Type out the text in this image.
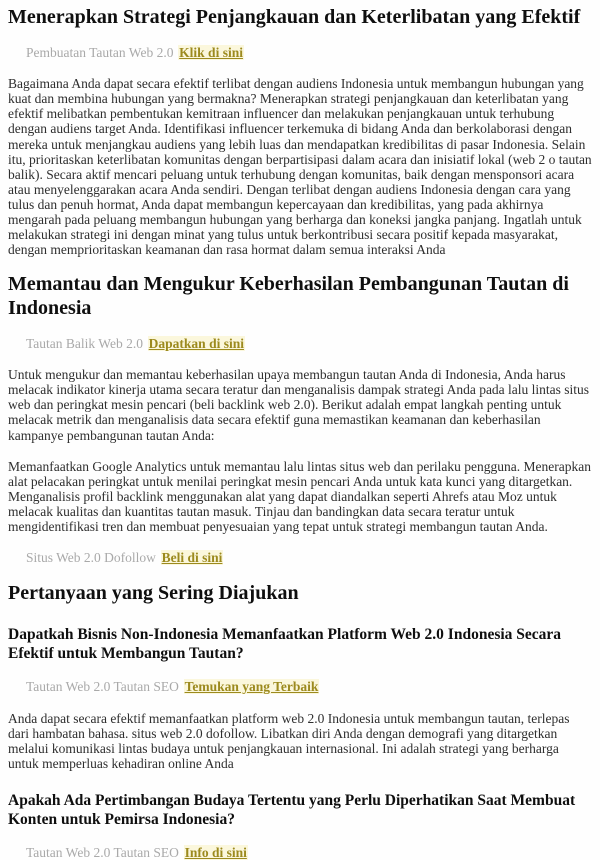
Menerapkan Strategi Penjangkauan dan Keterlibatan yang Efektif

Pembuatan Tautan Web 2.0 Klik di sini

Bagaimana Anda dapat secara efektif terlibat dengan audiens Indonesia untuk membangun hubungan yang kuat dan membina hubungan yang bermakna? Menerapkan strategi penjangkauan dan keterlibatan yang efektif melibatkan pembentukan kemitraan influencer dan melakukan penjangkauan untuk terhubung dengan audiens target Anda. Identifikasi influencer terkemuka di bidang Anda dan berkolaborasi dengan mereka untuk menjangkau audiens yang lebih luas dan mendapatkan kredibilitas di pasar Indonesia. Selain itu, prioritaskan keterlibatan komunitas dengan berpartisipasi dalam acara dan inisiatif lokal (web 2 o tautan balik). Secara aktif mencari peluang untuk terhubung dengan komunitas, baik dengan mensponsori acara atau menyelenggarakan acara Anda sendiri. Dengan terlibat dengan audiens Indonesia dengan cara yang tulus dan penuh hormat, Anda dapat membangun kepercayaan dan kredibilitas, yang pada akhirnya mengarah pada peluang membangun hubungan yang berharga dan koneksi jangka panjang. Ingatlah untuk melakukan strategi ini dengan minat yang tulus untuk berkontribusi secara positif kepada masyarakat, dengan memprioritaskan keamanan dan rasa hormat dalam semua interaksi Anda

Memantau dan Mengukur Keberhasilan Pembangunan Tautan di Indonesia

Tautan Balik Web 2.0 Dapatkan di sini

Untuk mengukur dan memantau keberhasilan upaya membangun tautan Anda di Indonesia, Anda harus melacak indikator kinerja utama secara teratur dan menganalisis dampak strategi Anda pada lalu lintas situs web dan peringkat mesin pencari (beli backlink web 2.0). Berikut adalah empat langkah penting untuk melacak metrik dan menganalisis data secara efektif guna memastikan keamanan dan keberhasilan kampanye pembangunan tautan Anda:

Memanfaatkan Google Analytics untuk memantau lalu lintas situs web dan perilaku pengguna. Menerapkan alat pelacakan peringkat untuk menilai peringkat mesin pencari Anda untuk kata kunci yang ditargetkan. Menganalisis profil backlink menggunakan alat yang dapat diandalkan seperti Ahrefs atau Moz untuk melacak kualitas dan kuantitas tautan masuk. Tinjau dan bandingkan data secara teratur untuk mengidentifikasi tren dan membuat penyesuaian yang tepat untuk strategi membangun tautan Anda.

Situs Web 2.0 Dofollow Beli di sini

Pertanyaan yang Sering Diajukan
Dapatkah Bisnis Non-Indonesia Memanfaatkan Platform Web 2.0 Indonesia Secara Efektif untuk Membangun Tautan?

Tautan Web 2.0 Tautan SEO Temukan yang Terbaik

Anda dapat secara efektif memanfaatkan platform web 2.0 Indonesia untuk membangun tautan, terlepas dari hambatan bahasa. situs web 2.0 dofollow. Libatkan diri Anda dengan demografi yang ditargetkan melalui komunikasi lintas budaya untuk penjangkauan internasional. Ini adalah strategi yang berharga untuk memperluas kehadiran online Anda

Apakah Ada Pertimbangan Budaya Tertentu yang Perlu Diperhatikan Saat Membuat Konten untuk Pemirsa Indonesia?

Tautan Web 2.0 Tautan SEO Info di sini
